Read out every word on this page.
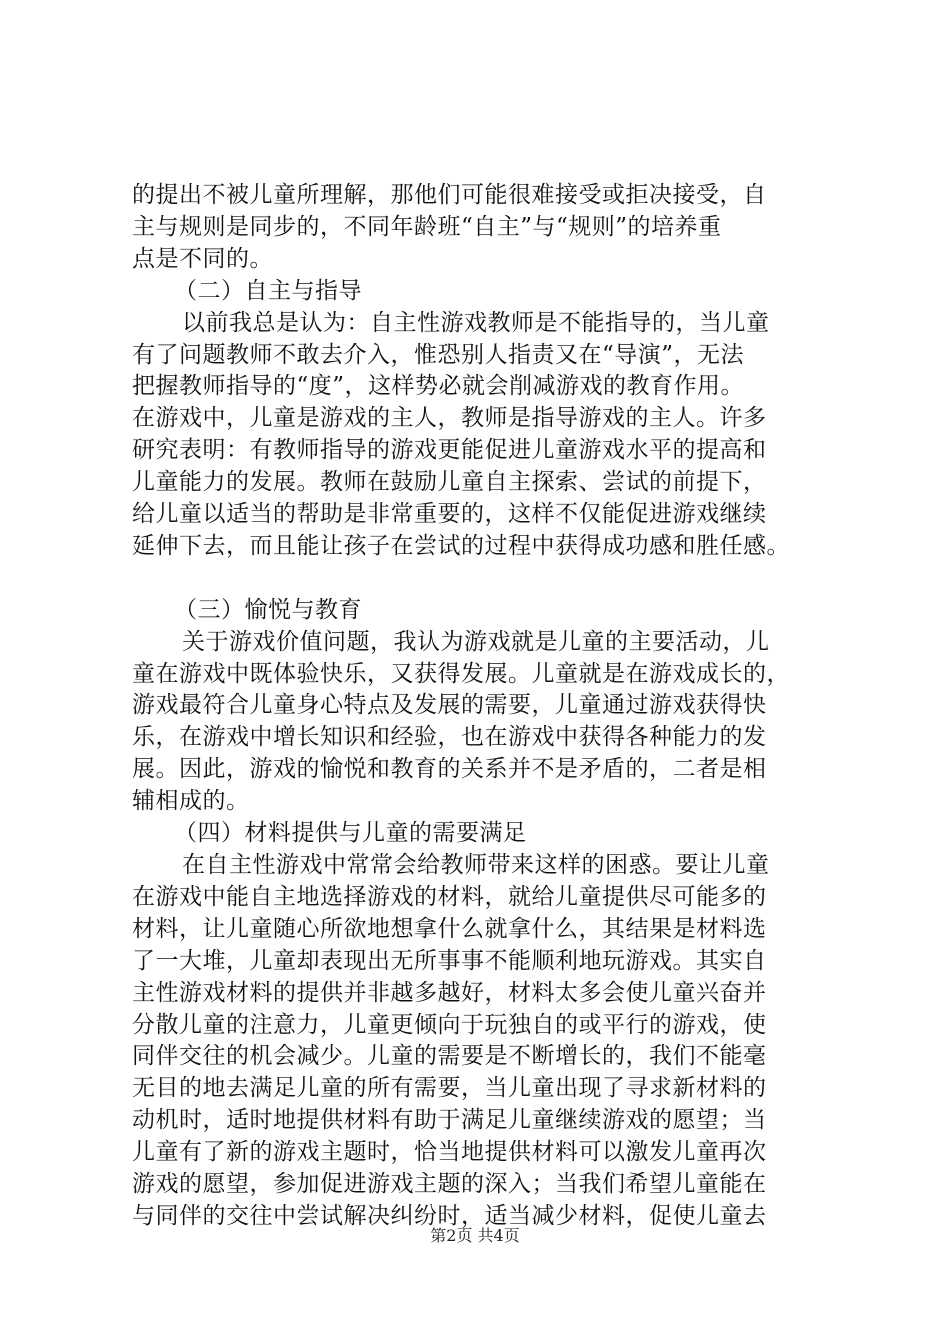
的提出不被儿童所理解，那他们可能很难接受或拒决接受，自
主与规则是同步的，不同年龄班“自主”与“规则”的培养重
点是不同的。
（二）自主与指导
以前我总是认为：自主性游戏教师是不能指导的，当儿童
有了问题教师不敢去介入，惟恐别人指责又在“导演”，无法
把握教师指导的“度”，这样势必就会削减游戏的教育作用。
在游戏中，儿童是游戏的主人，教师是指导游戏的主人。许多
研究表明：有教师指导的游戏更能促进儿童游戏水平的提高和
儿童能力的发展。教师在鼓励儿童自主探索、尝试的前提下，
给儿童以适当的帮助是非常重要的，这样不仅能促进游戏继续
延伸下去，而且能让孩子在尝试的过程中获得成功感和胜任感。
（三）愉悦与教育
关于游戏价值问题，我认为游戏就是儿童的主要活动，儿
童在游戏中既体验快乐，又获得发展。儿童就是在游戏成长的，
游戏最符合儿童身心特点及发展的需要，儿童通过游戏获得快
乐，在游戏中增长知识和经验，也在游戏中获得各种能力的发
展。因此，游戏的愉悦和教育的关系并不是矛盾的，二者是相
辅相成的。
（四）材料提供与儿童的需要满足
在自主性游戏中常常会给教师带来这样的困惑。要让儿童
在游戏中能自主地选择游戏的材料，就给儿童提供尽可能多的
材料，让儿童随心所欲地想拿什么就拿什么，其结果是材料选
了一大堆，儿童却表现出无所事事不能顺利地玩游戏。其实自
主性游戏材料的提供并非越多越好，材料太多会使儿童兴奋并
分散儿童的注意力，儿童更倾向于玩独自的或平行的游戏，使
同伴交往的机会减少。儿童的需要是不断增长的，我们不能毫
无目的地去满足儿童的所有需要，当儿童出现了寻求新材料的
动机时，适时地提供材料有助于满足儿童继续游戏的愿望；当
儿童有了新的游戏主题时，恰当地提供材料可以激发儿童再次
游戏的愿望，参加促进游戏主题的深入；当我们希望儿童能在
与同伴的交往中尝试解决纠纷时，适当减少材料，促使儿童去
第2页 共4页
